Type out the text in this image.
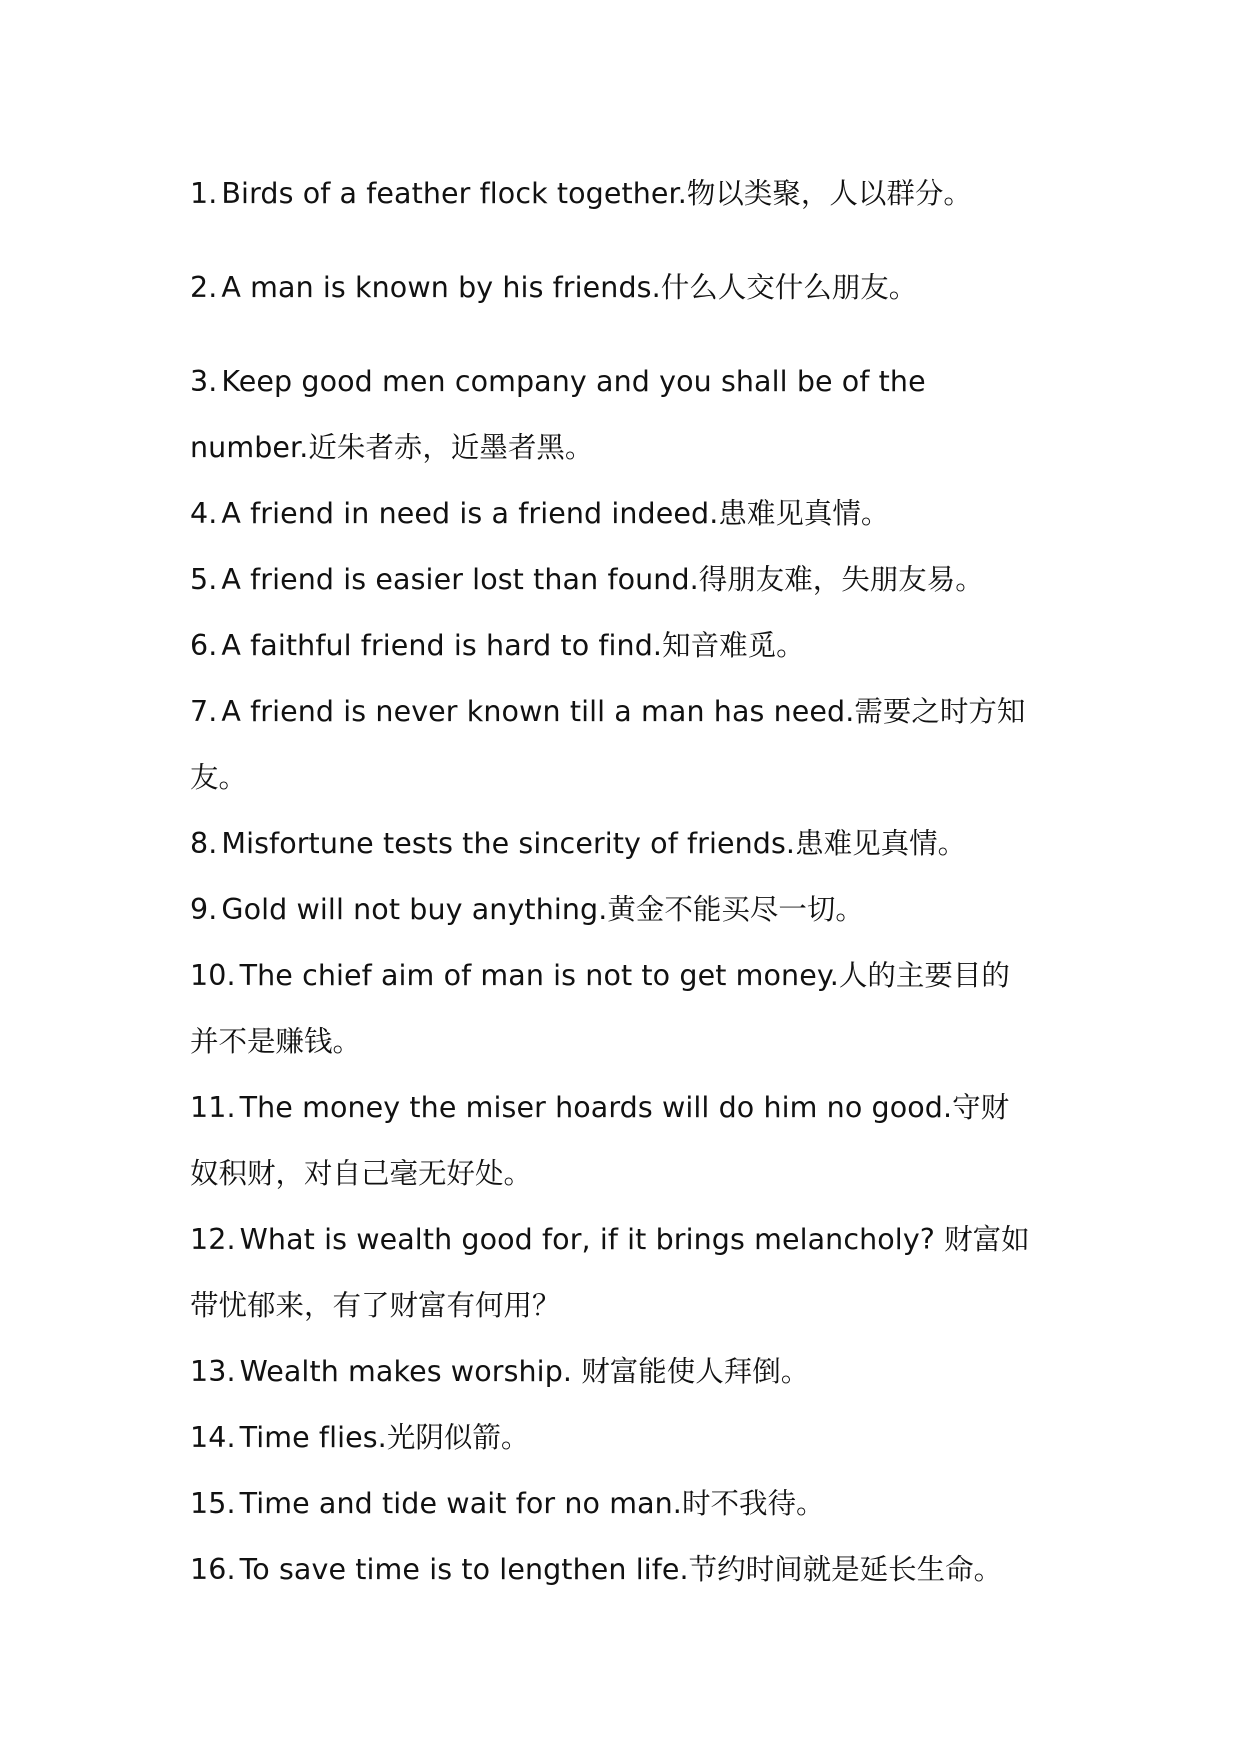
1. Birds of a feather flock together.物以类聚，人以群分。
2. A man is known by his friends.什么人交什么朋友。
3. Keep good men company and you shall be of the
number.近朱者赤，近墨者黑。
4. A friend in need is a friend indeed.患难见真情。
5. A friend is easier lost than found.得朋友难，失朋友易。
6. A faithful friend is hard to find.知音难觅。
7. A friend is never known till a man has need.需要之时方知
友。
8. Misfortune tests the sincerity of friends.患难见真情。
9. Gold will not buy anything.黄金不能买尽一切。
10. The chief aim of man is not to get money.人的主要目的
并不是赚钱。
11. The money the miser hoards will do him no good.守财
奴积财，对自己毫无好处。
12. What is wealth good for, if it brings melancholy? 财富如
带忧郁来，有了财富有何用？
13. Wealth makes worship. 财富能使人拜倒。
14. Time flies.光阴似箭。
15. Time and tide wait for no man.时不我待。
16. To save time is to lengthen life.节约时间就是延长生命。
